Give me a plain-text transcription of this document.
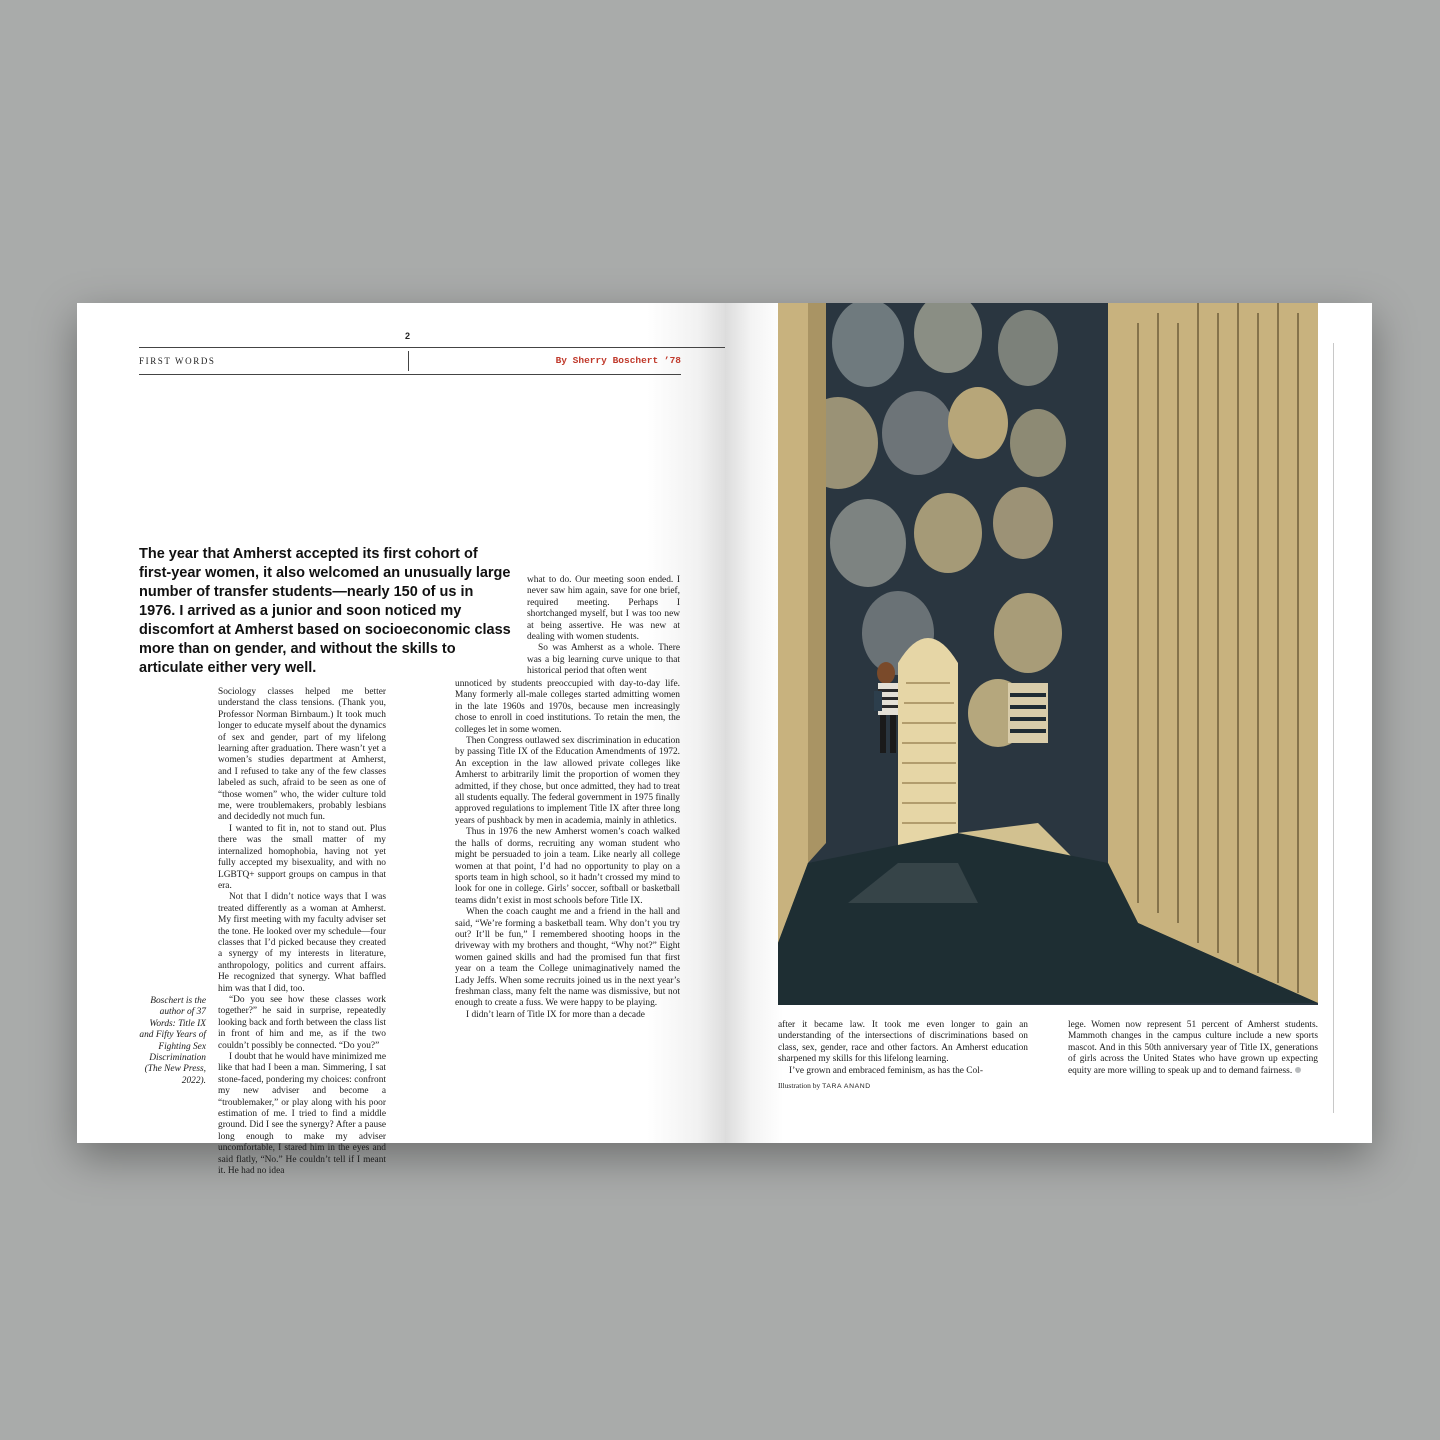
2
FIRST WORDS	By Sherry Boschert ’78

The year that Amherst accepted its first cohort of first-year women, it also welcomed an unusually large number of transfer students—nearly 150 of us in 1976. I arrived as a junior and soon noticed my discomfort at Amherst based on socioeconomic class more than on gender, and without the skills to articulate either very well.

Sociology classes helped me better understand the class tensions. (Thank you, Professor Norman Birnbaum.) It took much longer to educate myself about the dynamics of sex and gender, part of my lifelong learning after graduation. There wasn’t yet a women’s studies department at Amherst, and I refused to take any of the few classes labeled as such, afraid to be seen as one of “those women” who, the wider culture told me, were troublemakers, probably lesbians and decidedly not much fun.

I wanted to fit in, not to stand out. Plus there was the small matter of my internalized homophobia, having not yet fully accepted my bisexuality, and with no LGBTQ+ support groups on campus in that era.

Not that I didn’t notice ways that I was treated differently as a woman at Amherst. My first meeting with my faculty adviser set the tone. He looked over my schedule—four classes that I’d picked because they created a synergy of my interests in literature, anthropology, politics and current affairs. He recognized that synergy. What baffled him was that I did, too.

“Do you see how these classes work together?” he said in surprise, repeatedly looking back and forth between the class list in front of him and me, as if the two couldn’t possibly be connected. “Do you?”

I doubt that he would have minimized me like that had I been a man. Simmering, I sat stone-faced, pondering my choices: confront my new adviser and become a “troublemaker,” or play along with his poor estimation of me. I tried to find a middle ground. Did I see the synergy? After a pause long enough to make my adviser uncomfortable, I stared him in the eyes and said flatly, “No.” He couldn’t tell if I meant it. He had no idea

Boschert is the author of 37 Words: Title IX and Fifty Years of Fighting Sex Discrimination (The New Press, 2022).

what to do. Our meeting soon ended. I never saw him again, save for one brief, required meeting. Perhaps I shortchanged myself, but I was too new at being assertive. He was new at dealing with women students.

So was Amherst as a whole. There was a big learning curve unique to that historical period that often went

unnoticed by students preoccupied with day-to-day life. Many formerly all-male colleges started admitting women in the late 1960s and 1970s, because men increasingly chose to enroll in coed institutions. To retain the men, the colleges let in some women.

Then Congress outlawed sex discrimination in education by passing Title IX of the Education Amendments of 1972. An exception in the law allowed private colleges like Amherst to arbitrarily limit the proportion of women they admitted, if they chose, but once admitted, they had to treat all students equally. The federal government in 1975 finally approved regulations to implement Title IX after three long years of pushback by men in academia, mainly in athletics.

Thus in 1976 the new Amherst women’s coach walked the halls of dorms, recruiting any woman student who might be persuaded to join a team. Like nearly all college women at that point, I’d had no opportunity to play on a sports team in high school, so it hadn’t crossed my mind to look for one in college. Girls’ soccer, softball or basketball teams didn’t exist in most schools before Title IX.

When the coach caught me and a friend in the hall and said, “We’re forming a basketball team. Why don’t you try out? It’ll be fun,” I remembered shooting hoops in the driveway with my brothers and thought, “Why not?” Eight women gained skills and had the promised fun that first year on a team the College unimaginatively named the Lady Jeffs. When some recruits joined us in the next year’s freshman class, many felt the name was dismissive, but not enough to create a fuss. We were happy to be playing.

I didn’t learn of Title IX for more than a decade

after it became law. It took me even longer to gain an understanding of the intersections of discriminations based on class, sex, gender, race and other factors. An Amherst education sharpened my skills for this lifelong learning.

I’ve grown and embraced feminism, as has the Col-

lege. Women now represent 51 percent of Amherst students. Mammoth changes in the campus culture include a new sports mascot. And in this 50th anniversary year of Title IX, generations of girls across the United States who have grown up expecting equity are more willing to speak up and to demand fairness.

Illustration by TARA ANAND
